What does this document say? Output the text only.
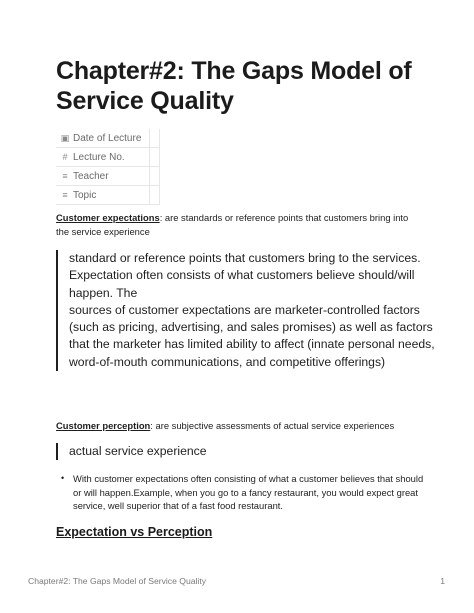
Chapter#2: The Gaps Model of Service Quality
▣ Date of Lecture	
# Lecture No.	
≡ Teacher	
≡ Topic	

Customer expectations: are standards or reference points that customers bring into the service experience

standard or reference points that customers bring to the services.
Expectation often consists of what customers believe should/will happen. The
sources of customer expectations are marketer-controlled factors (such as pricing, advertising, and sales promises) as well as factors that the marketer has limited ability to affect (innate personal needs, word-of-mouth communications, and competitive offerings)

Customer perception: are subjective assessments of actual service experiences

actual service experience
• With customer expectations often consisting of what a customer believes that should or will happen.Example, when you go to a fancy restaurant, you would expect great service, well superior that of a fast food restaurant.
Expectation vs Perception
Chapter#2: The Gaps Model of Service Quality	1
